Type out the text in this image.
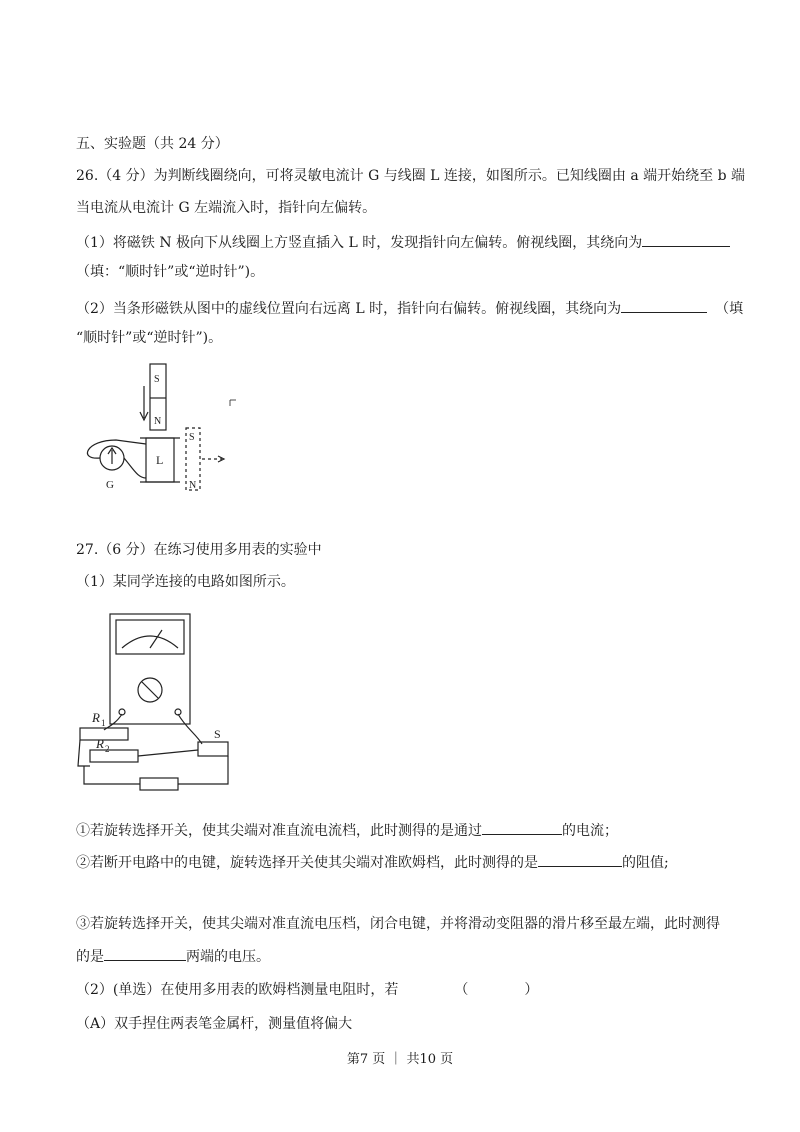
五、实验题（共 24 分）
26.（4 分）为判断线圈绕向，可将灵敏电流计 G 与线圈 L 连接，如图所示。已知线圈由 a 端开始绕至 b 端
当电流从电流计 G 左端流入时，指针向左偏转。
（1）将磁铁 N 极向下从线圈上方竖直插入 L 时，发现指针向左偏转。俯视线圈，其绕向为
（填：“顺时针”或“逆时针”)。
（2）当条形磁铁从图中的虚线位置向右远离 L 时，指针向右偏转。俯视线圈，其绕向为	（填
“顺时针”或“逆时针”)。
S
N
L
G
S
N
27.（6 分）在练习使用多用表的实验中
（1）某同学连接的电路如图所示。
R 1
R 2
S
①若旋转选择开关，使其尖端对准直流电流档，此时测得的是通过	的电流；
②若断开电路中的电键，旋转选择开关使其尖端对准欧姆档，此时测得的是	的阻值;
③若旋转选择开关，使其尖端对准直流电压档，闭合电键，并将滑动变阻器的滑片移至最左端，此时测得
的是	两端的电压。
（2）(单选）在使用多用表的欧姆档测量电阻时，若	（	）
（A）双手捏住两表笔金属杆，测量值将偏大
第7 页 ｜ 共10 页
